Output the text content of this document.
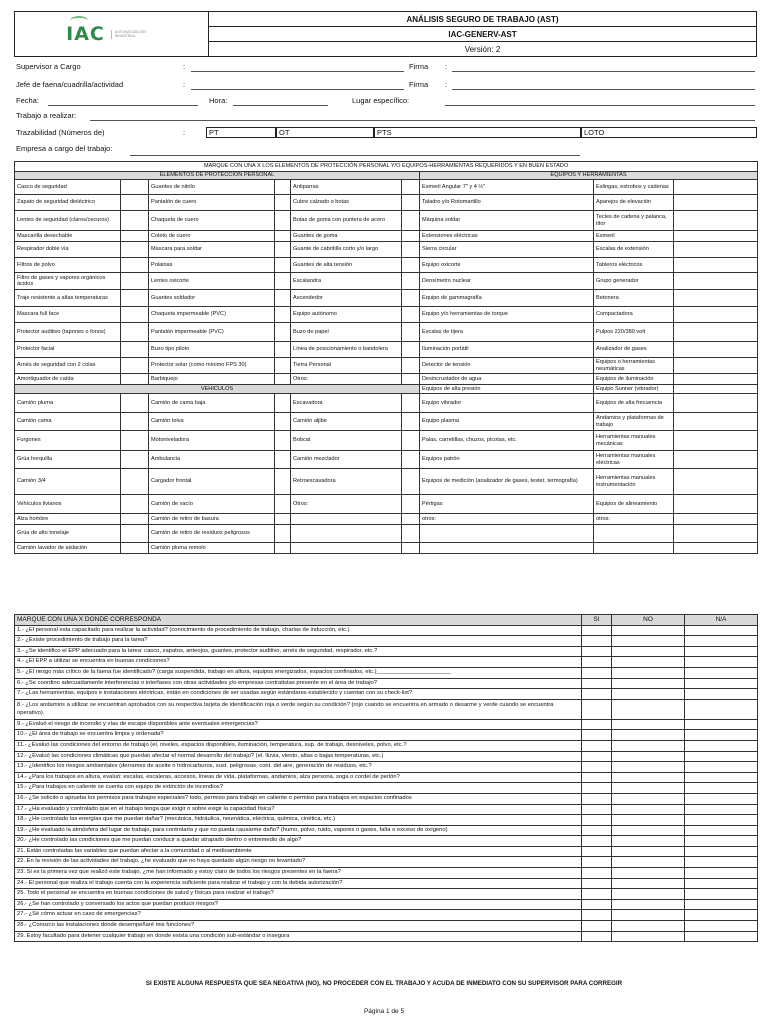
IAC	AUTOMATIZACIÓN INDUSTRIAL
ANÁLISIS SEGURO DE TRABAJO (AST)
IAC-GENERV-AST
Versión: 2
Supervisor a Cargo	:	Firma :
Jefe de faena/cuadrilla/actividad	:	Firma :
Fecha:	Hora:	Lugar específico:
Trabajo a realizar:
Trazabilidad (Números de)	:	PT	OT	PTS	LOTO
Empresa a cargo del trabajo:
MARQUE CON UNA X LOS ELEMENTOS DE PROTECCIÓN PERSONAL Y/O EQUIPOS-HERRAMIENTAS REQUERIDOS Y EN BUEN ESTADO								
ELEMENTOS DE PROTECCION PERSONAL						EQUIPOS Y HERRAMIENTAS		
Casco de seguridad		Guantes de nitrilo		Antiparras		Esmeril Angular 7" y 4 ½"	Eslingas, estrobos y cadenas	
Zapato de seguridad dieléctrico		Pantalón de cuero		Cubre calzado o botas		Taladro y/o Rotomartillo	Aparejos de elevación	
Lentes de seguridad (claros/oscuros)		Chaqueta de cuero		Botas de goma con puntera de acero		Máquina soldar	Tecles de cadena y palanca, tifor	
Mascarilla desechable		Coleto de cuero		Guantes de goma		Extensiones eléctricas	Esmeril	
Respirador doble vía		Mascara para soldar		Guante de cabritilla corto y/o largo		Sierra circular	Escalas de extensión	
Filtros de polvo		Polainas		Guantes de alta tensión		Equipo oxicorte	Tableros eléctricos	
Filtro de gases y vapores orgánicos ácidos		Lentes oxicorte		Escalandra		Densímetro nuclear	Grupo generador	
Traje resistente a altas temperaturas		Guantes soldador		Ascendedor		Equipo de gammagrafía	Betonera	
Mascara full face		Chaqueta impermeable (PVC)		Equipo autónomo		Equipo y/o herramientas de torque	Compactadora	
Protector auditivo (tapones o fonos)		Pantalón impermeable (PVC)		Buzo de papel		Escalas de tijera	Pulpos 220/380 volt	
Protector facial		Buzo tipo piloto		Línea de posicionamiento o bandolera		Iluminación portátil	Analizador de gases	
Arnés de seguridad con 2 colas		Protector solar (como mínimo FPS 30)		Tierra Personal		Detector de tensión	Equipos o herramientas neumáticas	
Amortiguador de caída		Barbiquejo		Otros:		Desincrustador de agua	Equipos de iluminación	
VEHICULOS						Equipos de alta presión	Equipo Sunner (vibrador)	
Camión pluma		Camión de cama baja		Excavadora		Equipo vibrador	Equipos de alta frecuencia	
Camión cama		Camión tolva		Camión aljibe		Equipo plasma	Andamios y plataformas de trabajo	
Furgones		Motoniveladora		Bobcat		Palas, carretillas, chuzos, picotas, etc.	Herramientas manuales mecánicas	
Grúa horquilla		Ambulancia		Camión mezclador		Equipos patrón	Herramientas manuales eléctricas	
Camión 3/4		Cargador frontal		Retroexcavadora		Equipos de medición (analizador de gases, tester, termografía)	Herramientas manuales instrumentación	
Vehículos livianos		Camión de vacío		Otros:		Pértigas	Equipos de alineamiento	
Alza hombre		Camión de retiro de basura				otros:	otros:	
Grúa de alto tonelaje		Camión de retiro de residuos peligrosos						
Camión lavador de aislación		Camión pluma remolo						
MARQUE CON UNA X DONDE CORRESPONDA	SI	NO	N/A
1.- ¿El personal esta capacitado para realizar la actividad? (conocimiento de procedimiento de trabajo, charlas de inducción, etc.)			
2.- ¿Existe procedimiento de trabajo para la tarea?			
3.- ¿Se identifico el EPP adecuado para la tarea: casco, zapatos, anteojos, guantes, protector auditivo, arnés de seguridad, respirador, etc.?			
4.- ¿El EPP a utilizar se encuentra en buenas condiciones?			
5.- ¿El riesgo más crítico de la faena fue identificado? (carga suspendida, trabajo en altura, equipos energizados, espacios confinados, etc.)_______________________			
6.- ¿Se coordino adecuadamente interferencias o interfases con otras actividades y/o empresas contratistas presente en el área de trabajo?			
7.- ¿Las herramientas, equipos e instalaciones eléctricas, están en condiciones de ser usadas según estándares establecido y cuentan con su check-list?			
8.- ¿Los andamios a utilizar se encuentran aprobados con su respectiva tarjeta de identificación roja o verde según su condición? (rojo cuando se encuentra en armado o desarme y verde cuando se encuentra operativo).			
9.- ¿Evaluó el riesgo de incendio y vías de escape disponibles ante eventuales emergencias?			
10.- ¿El área de trabajo se encuentra limpia y ordenada?			
11.- ¿Evaluó las condiciones del entorno de trabajo (el, niveles, espacios disponibles, iluminación, temperatura, sup. de trabajo, desniveles, polvo, etc.?			
12.- ¿Evaluó las condiciones climáticas que puedan afectar el normal desarrollo del trabajo? (el. lluvia, viento, altas o bajas temperaturas, etc.)			
13.- ¿Identifico los riesgos ambientales (derrames de aceite o hidrocarburos, sust. peligrosas, cont. del aire, generación de residuos, etc.?			
14.- ¿Para los trabajos en altura, evaluó: escalas, escaleras, accesos, líneas de vida, plataformas, andamios, alza persona, soga o cordel de perlón?			
15.- ¿Para trabajos en caliente se cuenta con equipo de extinción de incendios?			
16.- ¿Se solicito o aprueba los permisos para trabajos especiales? todo, permiso para trabajo en caliente o permiso para trabajos en espacios confinados			
17.- ¿Ha evaluado y controlado que en el trabajo tenga que exigir o sobre exigir la capacidad física?			
18.- ¿He controlado las energías que me puedan dañar? (mecánica, hidráulica, neumática, eléctrica, química, cinética, etc.)			
19.- ¿He evaluado la atmósfera del lugar de trabajo, para controlarla y que no pueda causarme daño? (humo, polvo, ruido, vapores o gases, falta o exceso de oxígeno)			
20.- ¿He controlado las condiciones que me puedan conducir a quedar atrapado dentro o entremedio de algo?			
21. Están controladas las variables que puedan afectar a la comunidad o al medioambiente			
22. En la revisión de las actividades del trabajo, ¿he evaluado que no haya quedado algún riesgo no levantado?			
23. Si es la primera vez que realizó este trabajo, ¿me han informado y estoy claro de todos los riesgos presentes en la faena?			
24.- El personal que realiza el trabajo cuenta con la experiencia suficiente para realizar el trabajo y con la debida autorización?			
25. Todo el personal se encuentra en buenas condiciones de salud y físicas para realizar el trabajo?			
26.- ¿Se han controlado y conversado los actos que puedan producir riesgos?			
27.- ¿Sé cómo actuar en caso de emergencias?			
28.- ¿Conozco las instalaciones donde desempeñaré mis funciones?			
29. Estoy facultado para detener cualquier trabajo en donde exista una condición sub-estándar o insegura			
SI EXISTE ALGUNA RESPUESTA QUE SEA NEGATIVA (NO), NO PROCEDER CON EL TRABAJO Y ACUDA DE INMEDIATO CON SU SUPERVISOR PARA CORREGIR
Página 1 de 5
